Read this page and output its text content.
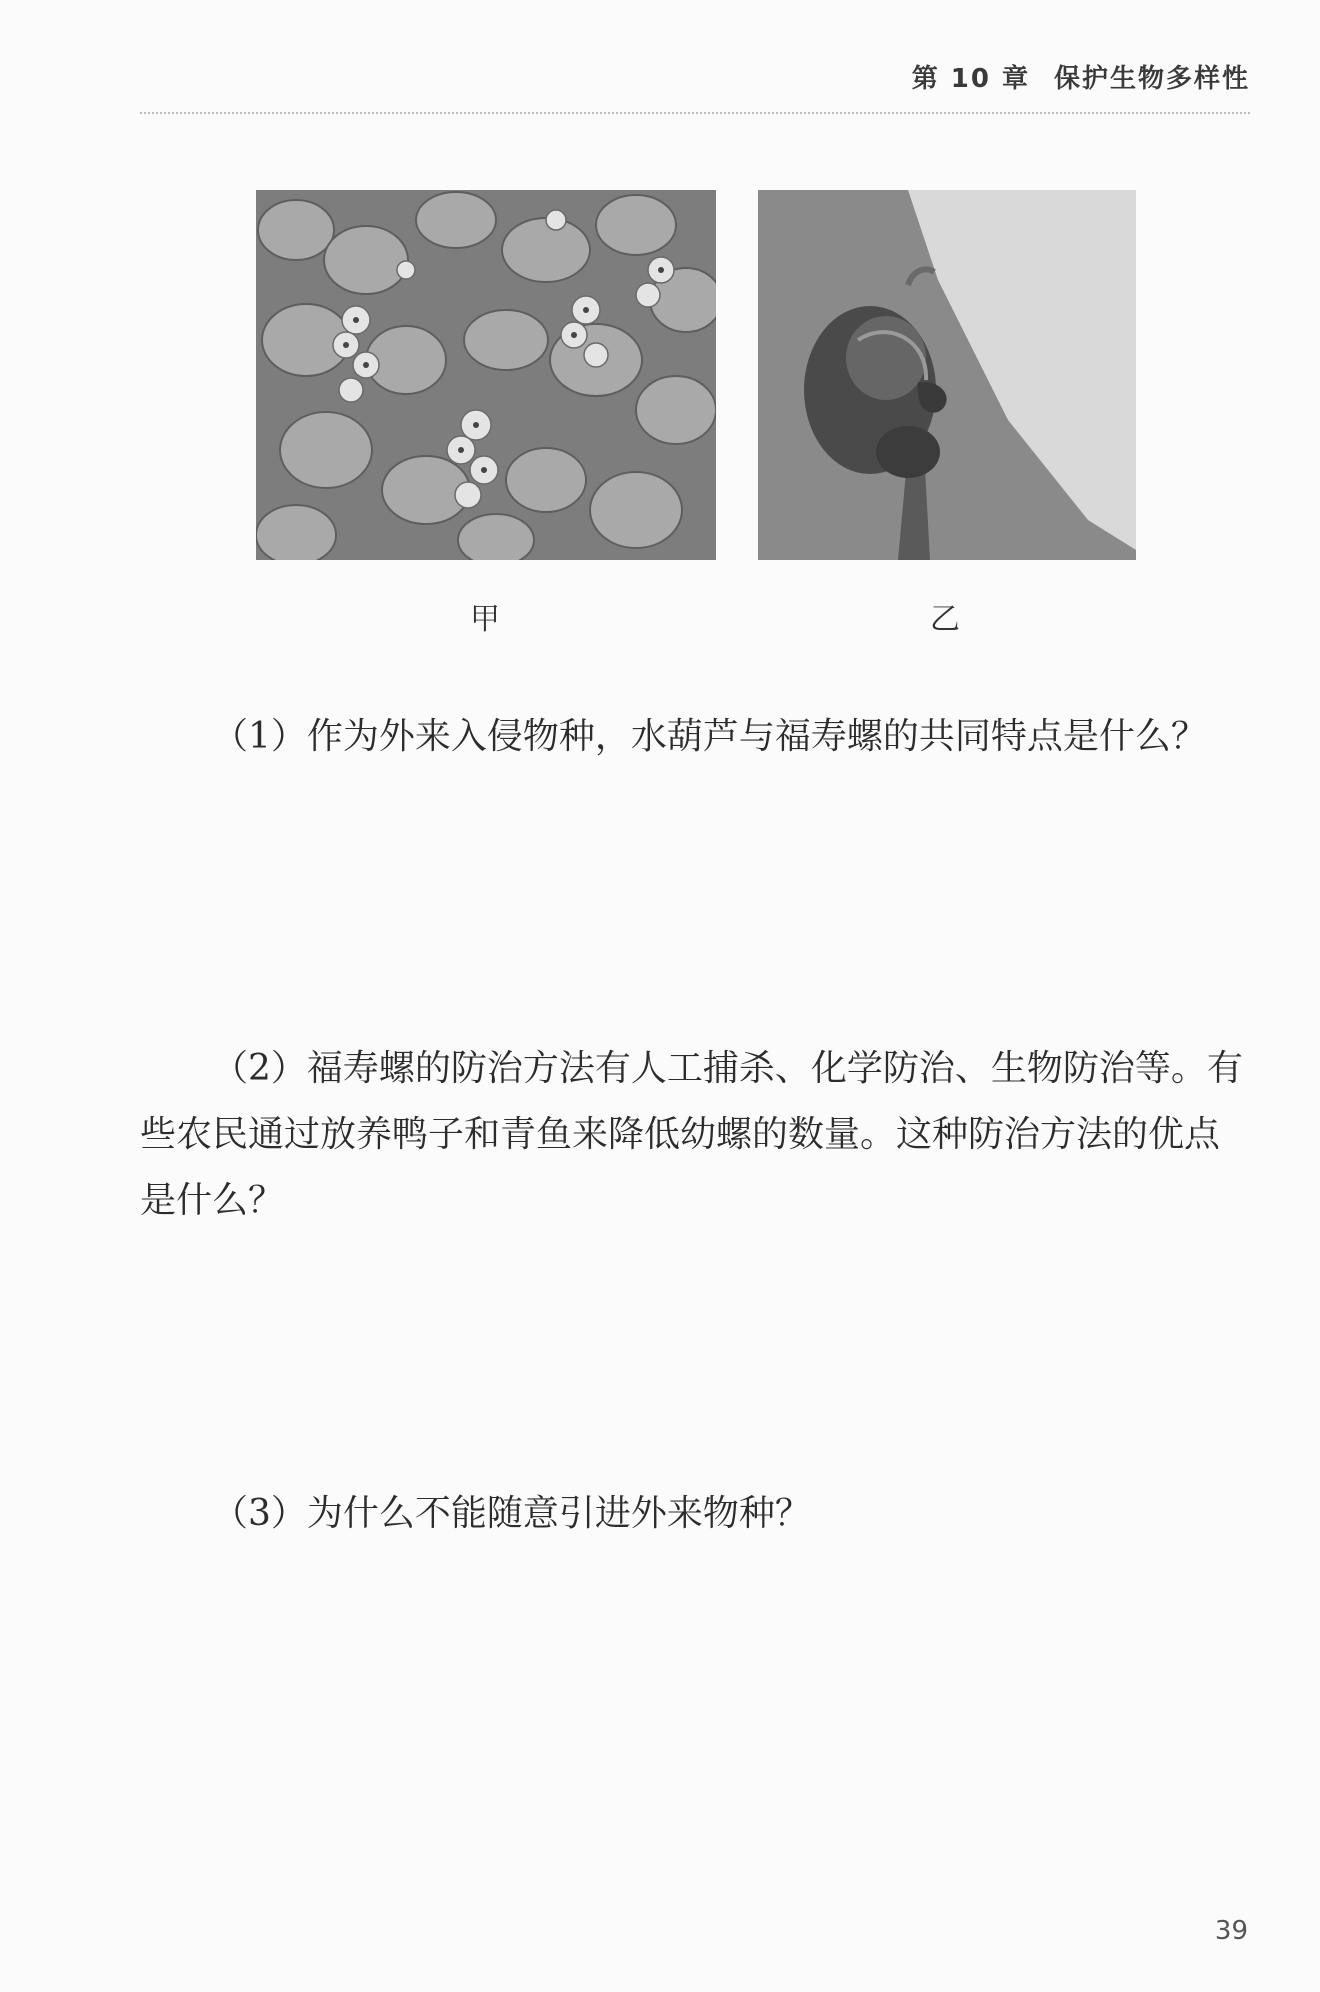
第 10 章 保护生物多样性
甲	乙

（1）作为外来入侵物种，水葫芦与福寿螺的共同特点是什么？

（2）福寿螺的防治方法有人工捕杀、化学防治、生物防治等。有些农民通过放养鸭子和青鱼来降低幼螺的数量。这种防治方法的优点是什么？

（3）为什么不能随意引进外来物种？

39
